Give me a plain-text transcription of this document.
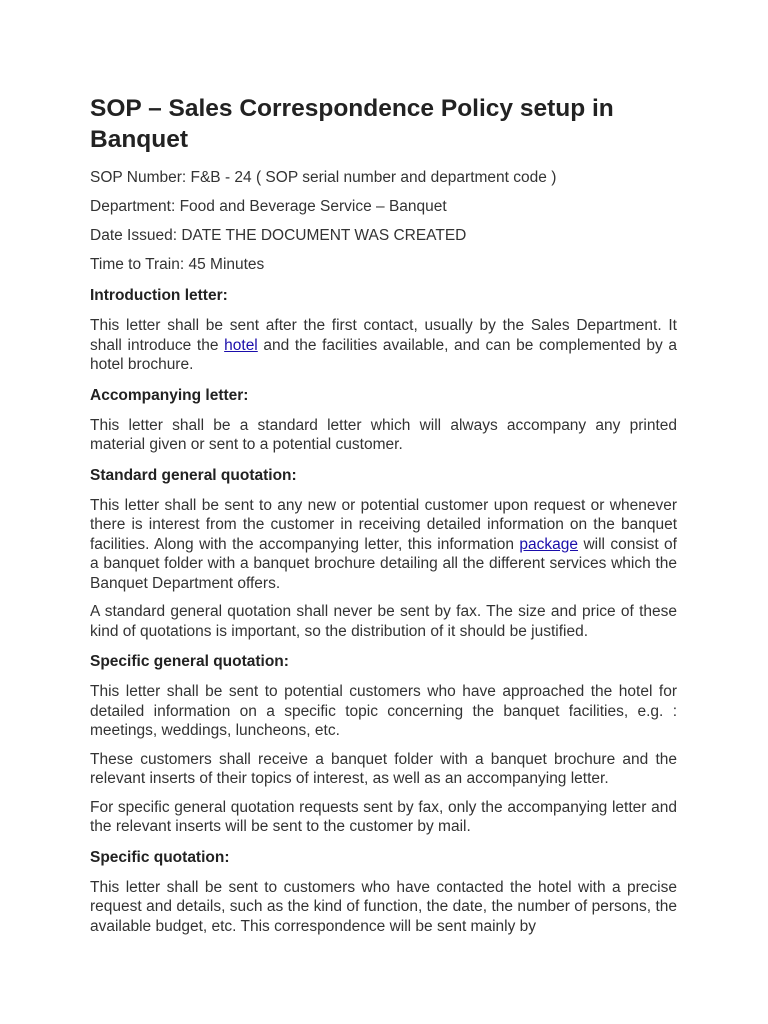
SOP – Sales Correspondence Policy setup in Banquet
SOP Number: F&B - 24 ( SOP serial number and department code )
Department: Food and Beverage Service – Banquet
Date Issued: DATE THE DOCUMENT WAS CREATED
Time to Train: 45 Minutes
Introduction letter:

This letter shall be sent after the first contact, usually by the Sales Department. It shall introduce the hotel and the facilities available, and can be complemented by a hotel brochure.

Accompanying letter:

This letter shall be a standard letter which will always accompany any printed material given or sent to a potential customer.

Standard general quotation:

This letter shall be sent to any new or potential customer upon request or whenever there is interest from the customer in receiving detailed information on the banquet facilities. Along with the accompanying letter, this information package will consist of a banquet folder with a banquet brochure detailing all the different services which the Banquet Department offers.

A standard general quotation shall never be sent by fax. The size and price of these kind of quotations is important, so the distribution of it should be justified.

Specific general quotation:

This letter shall be sent to potential customers who have approached the hotel for detailed information on a specific topic concerning the banquet facilities, e.g. : meetings, weddings, luncheons, etc.

These customers shall receive a banquet folder with a banquet brochure and the relevant inserts of their topics of interest, as well as an accompanying letter.

For specific general quotation requests sent by fax, only the accompanying letter and the relevant inserts will be sent to the customer by mail.

Specific quotation:

This letter shall be sent to customers who have contacted the hotel with a precise request and details, such as the kind of function, the date, the number of persons, the available budget, etc. This correspondence will be sent mainly by
